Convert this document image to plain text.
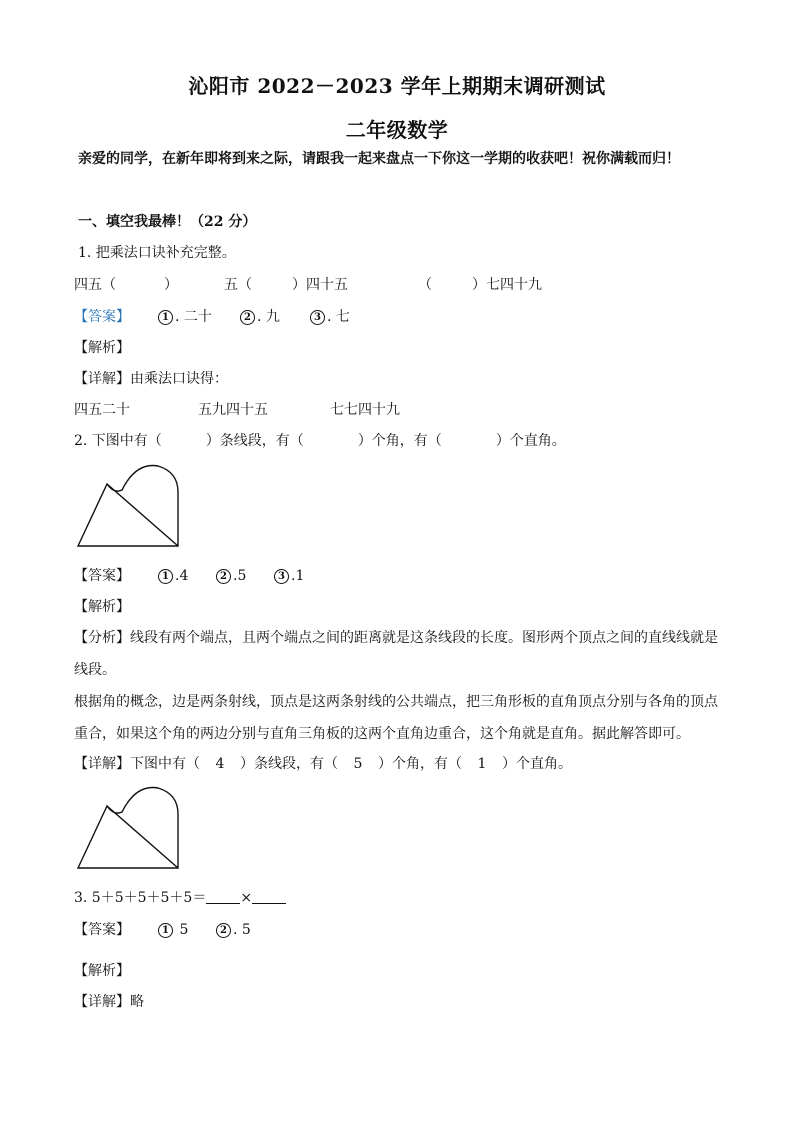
沁阳市 2022－2023 学年上期期末调研测试
二年级数学
亲爱的同学，在新年即将到来之际，请跟我一起来盘点一下你这一学期的收获吧！祝你满载而归！
一、填空我最棒！（22 分）
1. 把乘法口诀补充完整。
四五（	）	五（	）四十五	（	）七四十九
【答案】	1 . 二十	2 . 九	3 . 七
【解析】
【详解】由乘法口诀得：
四五二十	五九四十五	七七四十九
2. 下图中有（	）条线段，有（	）个角，有（	）个直角。
【答案】	1 .4	2 .5	3 .1
【解析】
【分析】线段有两个端点，且两个端点之间的距离就是这条线段的长度。图形两个顶点之间的直线线就是线段。
根据角的概念，边是两条射线，顶点是这两条射线的公共端点，把三角形板的直角顶点分别与各角的顶点重合，如果这个角的两边分别与直角三角板的这两个直角边重合，这个角就是直角。据此解答即可。
【详解】下图中有（ 4 ）条线段，有（ 5 ）个角，有（ 1 ）个直角。
3. 5＋5＋5＋5＋5＝ ×
【答案】	1 5	2 . 5
【解析】
【详解】略
